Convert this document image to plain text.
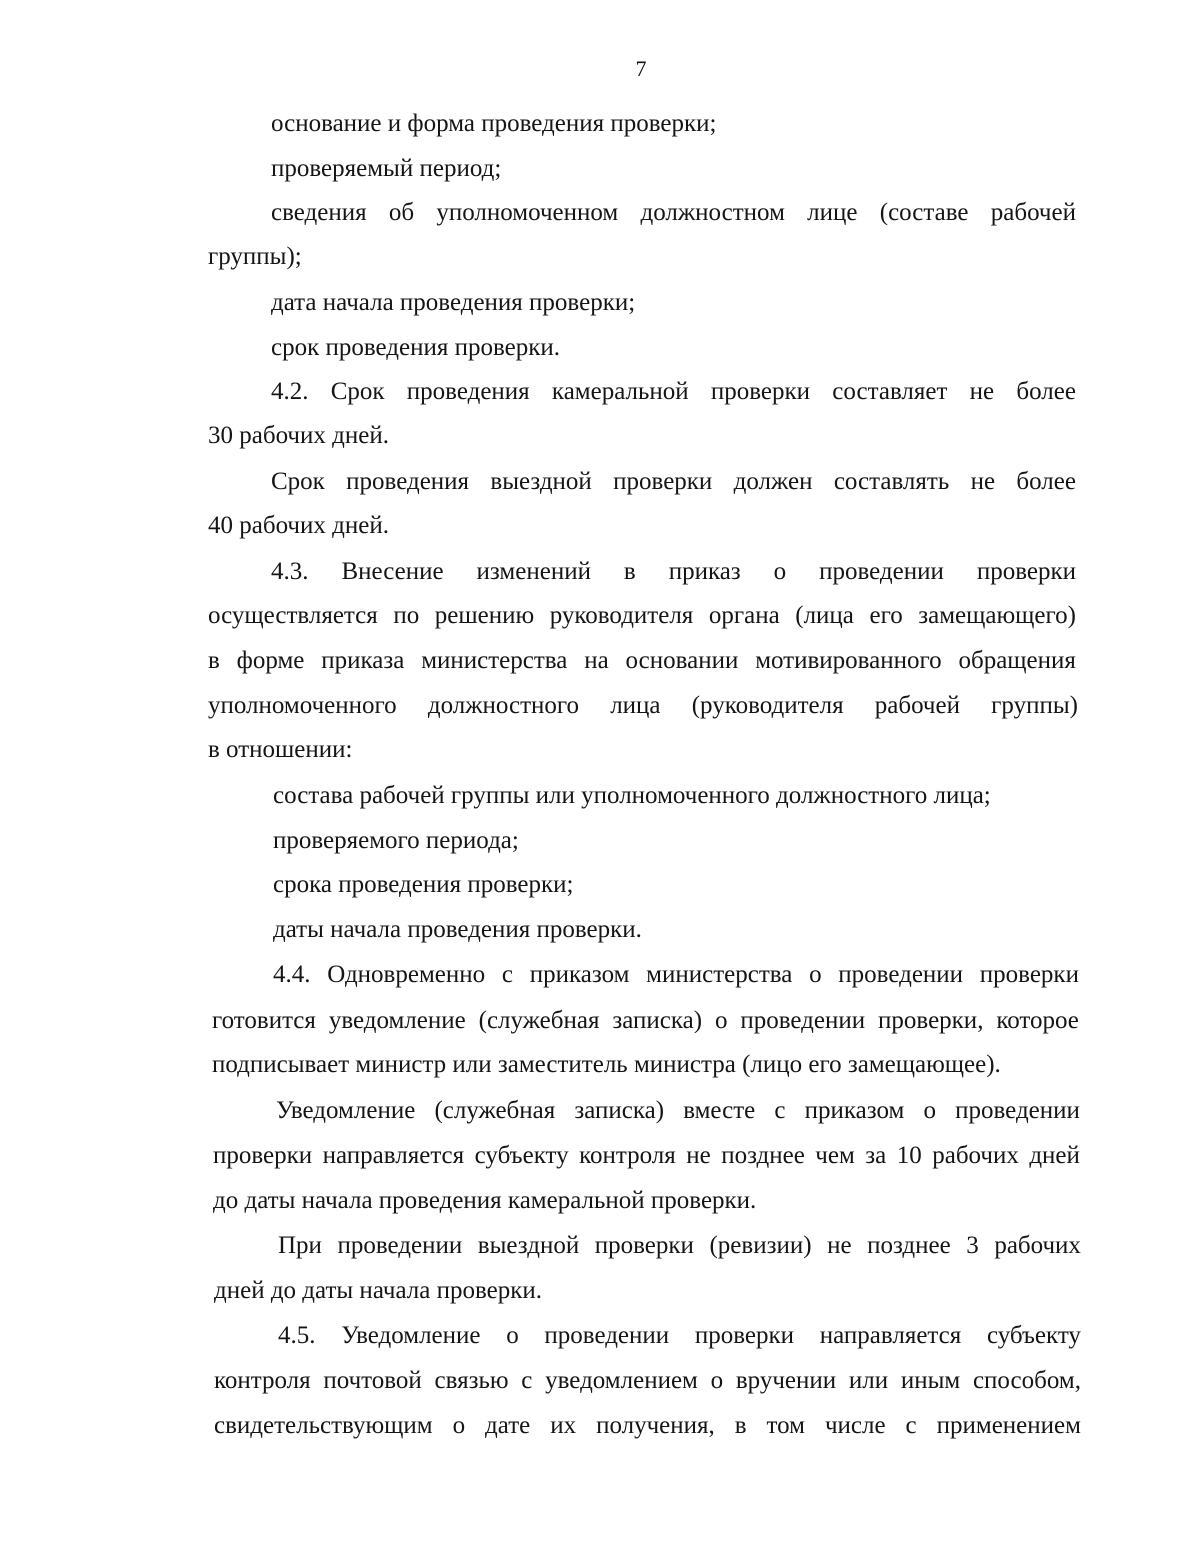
7
основание и форма проведения проверки;
проверяемый период;
сведения об уполномоченном должностном лице (составе рабочей
группы);
дата начала проведения проверки;
срок проведения проверки.
4.2. Срок проведения камеральной проверки составляет не более
30 рабочих дней.
Срок проведения выездной проверки должен составлять не более
40 рабочих дней.
4.3. Внесение изменений в приказ о проведении проверки
осуществляется по решению руководителя органа (лица его замещающего)
в форме приказа министерства на основании мотивированного обращения
уполномоченного должностного лица (руководителя рабочей группы)
в отношении:
состава рабочей группы или уполномоченного должностного лица;
проверяемого периода;
срока проведения проверки;
даты начала проведения проверки.
4.4. Одновременно с приказом министерства о проведении проверки
готовится уведомление (служебная записка) о проведении проверки, которое
подписывает министр или заместитель министра (лицо его замещающее).
Уведомление (служебная записка) вместе с приказом о проведении
проверки направляется субъекту контроля не позднее чем за 10 рабочих дней
до даты начала проведения камеральной проверки.
При проведении выездной проверки (ревизии) не позднее 3 рабочих
дней до даты начала проверки.
4.5. Уведомление о проведении проверки направляется субъекту
контроля почтовой связью с уведомлением о вручении или иным способом,
свидетельствующим о дате их получения, в том числе с применением
